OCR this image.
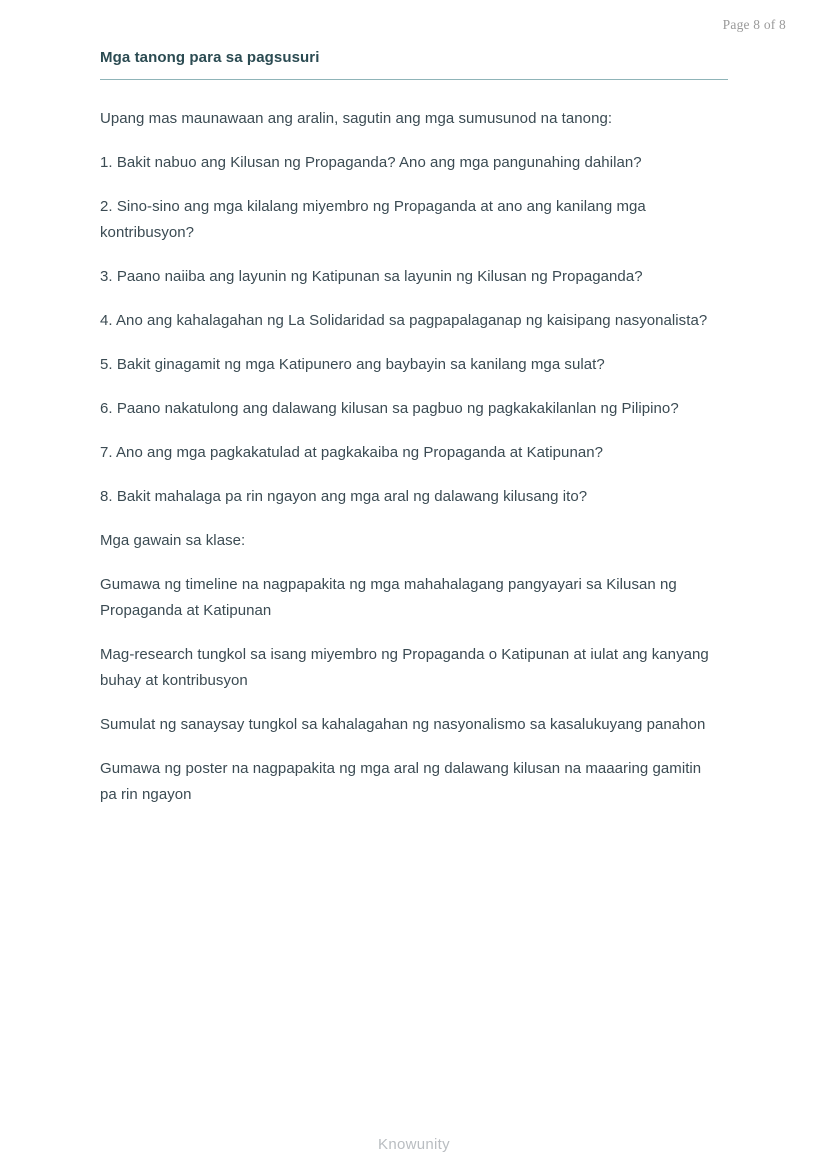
Page 8 of 8
Mga tanong para sa pagsusuri

Upang mas maunawaan ang aralin, sagutin ang mga sumusunod na tanong:

1. Bakit nabuo ang Kilusan ng Propaganda? Ano ang mga pangunahing dahilan?

2. Sino-sino ang mga kilalang miyembro ng Propaganda at ano ang kanilang mga kontribusyon?

3. Paano naiiba ang layunin ng Katipunan sa layunin ng Kilusan ng Propaganda?

4. Ano ang kahalagahan ng La Solidaridad sa pagpapalaganap ng kaisipang nasyonalista?

5. Bakit ginagamit ng mga Katipunero ang baybayin sa kanilang mga sulat?

6. Paano nakatulong ang dalawang kilusan sa pagbuo ng pagkakakilanlan ng Pilipino?

7. Ano ang mga pagkakatulad at pagkakaiba ng Propaganda at Katipunan?

8. Bakit mahalaga pa rin ngayon ang mga aral ng dalawang kilusang ito?

Mga gawain sa klase:

Gumawa ng timeline na nagpapakita ng mga mahahalagang pangyayari sa Kilusan ng Propaganda at Katipunan

Mag-research tungkol sa isang miyembro ng Propaganda o Katipunan at iulat ang kanyang buhay at kontribusyon

Sumulat ng sanaysay tungkol sa kahalagahan ng nasyonalismo sa kasalukuyang panahon

Gumawa ng poster na nagpapakita ng mga aral ng dalawang kilusan na maaaring gamitin pa rin ngayon

Knowunity
